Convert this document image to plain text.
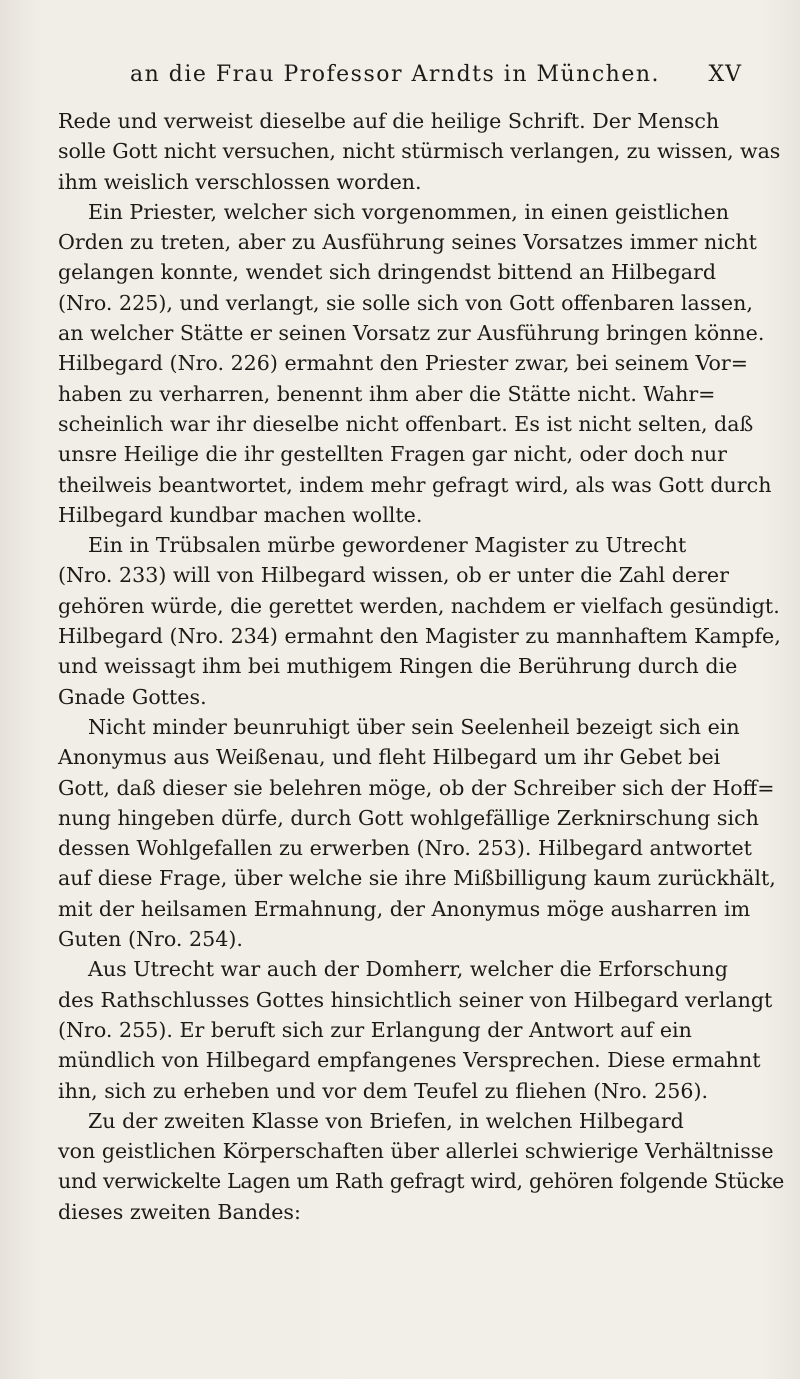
an die Frau Professor Arndts in München.	XV

Rede und verweist dieselbe auf die heilige Schrift. Der Mensch
solle Gott nicht versuchen, nicht stürmisch verlangen, zu wissen, was
ihm weislich verschlossen worden.

Ein Priester, welcher sich vorgenommen, in einen geistlichen
Orden zu treten, aber zu Ausführung seines Vorsatzes immer nicht
gelangen konnte, wendet sich dringendst bittend an Hilbegard
(Nro. 225), und verlangt, sie solle sich von Gott offenbaren lassen,
an welcher Stätte er seinen Vorsatz zur Ausführung bringen könne.
Hilbegard (Nro. 226) ermahnt den Priester zwar, bei seinem Vor=
haben zu verharren, benennt ihm aber die Stätte nicht. Wahr=
scheinlich war ihr dieselbe nicht offenbart. Es ist nicht selten, daß
unsre Heilige die ihr gestellten Fragen gar nicht, oder doch nur
theilweis beantwortet, indem mehr gefragt wird, als was Gott durch
Hilbegard kundbar machen wollte.

Ein in Trübsalen mürbe gewordener Magister zu Utrecht
(Nro. 233) will von Hilbegard wissen, ob er unter die Zahl derer
gehören würde, die gerettet werden, nachdem er vielfach gesündigt.
Hilbegard (Nro. 234) ermahnt den Magister zu mannhaftem Kampfe,
und weissagt ihm bei muthigem Ringen die Berührung durch die
Gnade Gottes.

Nicht minder beunruhigt über sein Seelenheil bezeigt sich ein
Anonymus aus Weißenau, und fleht Hilbegard um ihr Gebet bei
Gott, daß dieser sie belehren möge, ob der Schreiber sich der Hoff=
nung hingeben dürfe, durch Gott wohlgefällige Zerknirschung sich
dessen Wohlgefallen zu erwerben (Nro. 253). Hilbegard antwortet
auf diese Frage, über welche sie ihre Mißbilligung kaum zurückhält,
mit der heilsamen Ermahnung, der Anonymus möge ausharren im
Guten (Nro. 254).

Aus Utrecht war auch der Domherr, welcher die Erforschung
des Rathschlusses Gottes hinsichtlich seiner von Hilbegard verlangt
(Nro. 255). Er beruft sich zur Erlangung der Antwort auf ein
mündlich von Hilbegard empfangenes Versprechen. Diese ermahnt
ihn, sich zu erheben und vor dem Teufel zu fliehen (Nro. 256).

Zu der zweiten Klasse von Briefen, in welchen Hilbegard
von geistlichen Körperschaften über allerlei schwierige Verhältnisse
und verwickelte Lagen um Rath gefragt wird, gehören folgende Stücke
dieses zweiten Bandes:
